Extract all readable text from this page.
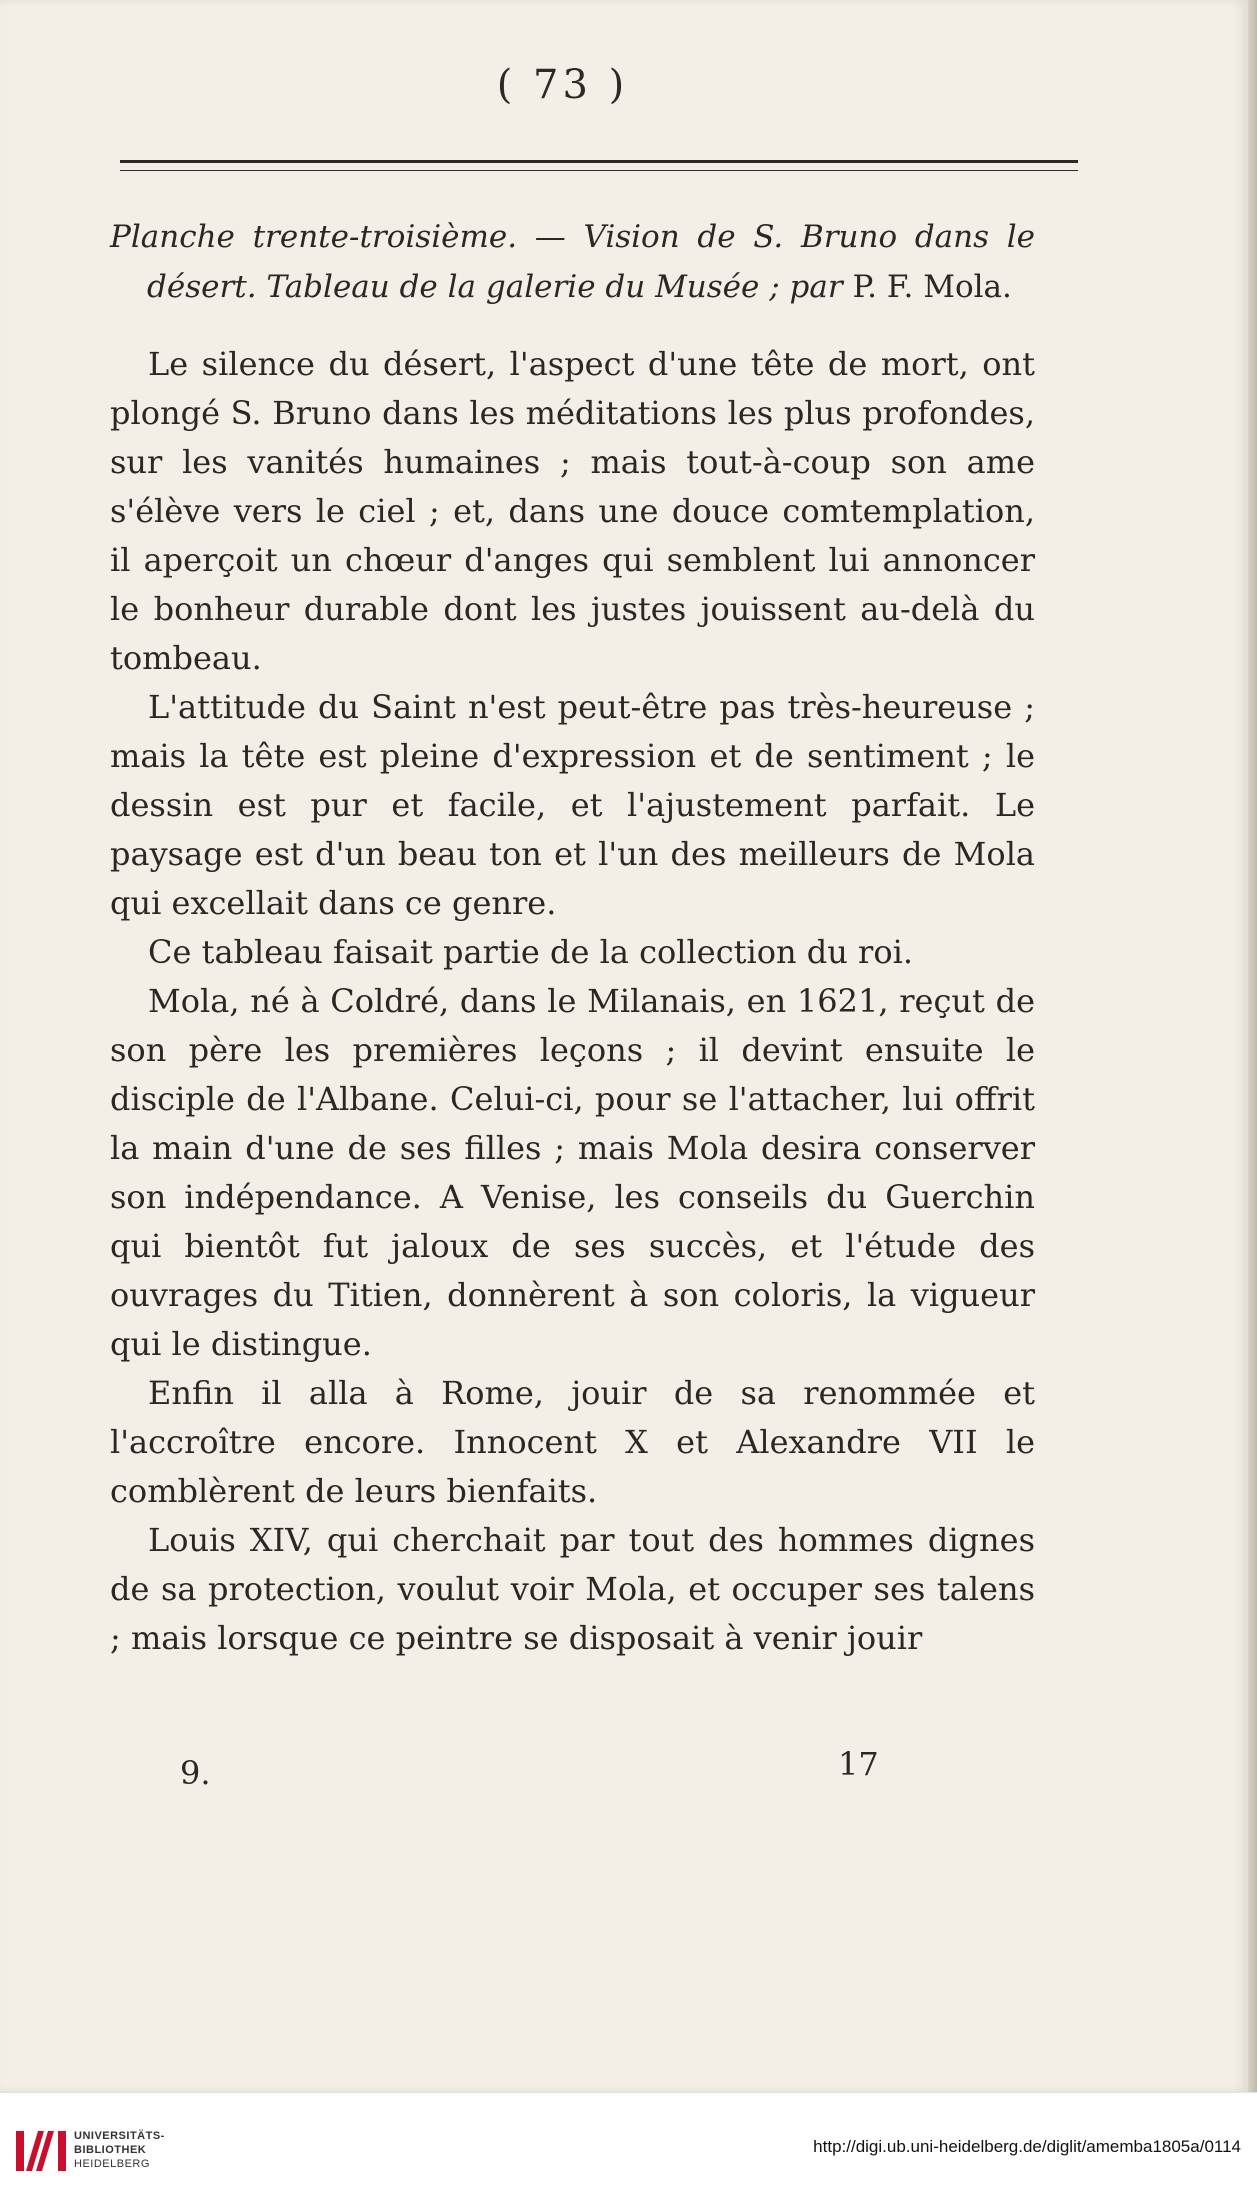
( 73 )

Planche trente-troisième. — Vision de S. Bruno dans le désert. Tableau de la galerie du Musée ; par P. F. Mola.

Le silence du désert, l'aspect d'une tête de mort, ont plongé S. Bruno dans les méditations les plus profondes, sur les vanités humaines ; mais tout-à-coup son ame s'élève vers le ciel ; et, dans une douce comtemplation, il aperçoit un chœur d'anges qui semblent lui annoncer le bonheur durable dont les justes jouissent au-delà du tombeau.

L'attitude du Saint n'est peut-être pas très-heureuse ; mais la tête est pleine d'expression et de sentiment ; le dessin est pur et facile, et l'ajustement parfait. Le paysage est d'un beau ton et l'un des meilleurs de Mola qui excellait dans ce genre.

Ce tableau faisait partie de la collection du roi.

Mola, né à Coldré, dans le Milanais, en 1621, reçut de son père les premières leçons ; il devint ensuite le disciple de l'Albane. Celui-ci, pour se l'attacher, lui offrit la main d'une de ses filles ; mais Mola desira conserver son indépendance. A Venise, les conseils du Guerchin qui bientôt fut jaloux de ses succès, et l'étude des ouvrages du Titien, donnèrent à son coloris, la vigueur qui le distingue.

Enfin il alla à Rome, jouir de sa renommée et l'accroître encore. Innocent X et Alexandre VII le comblèrent de leurs bienfaits.

Louis XIV, qui cherchait par tout des hommes dignes de sa protection, voulut voir Mola, et occuper ses talens ; mais lorsque ce peintre se disposait à venir jouir

9.	17
UNIVERSITÄTS-
BIBLIOTHEK
HEIDELBERG
http://digi.ub.uni-heidelberg.de/diglit/amemba1805a/0114
